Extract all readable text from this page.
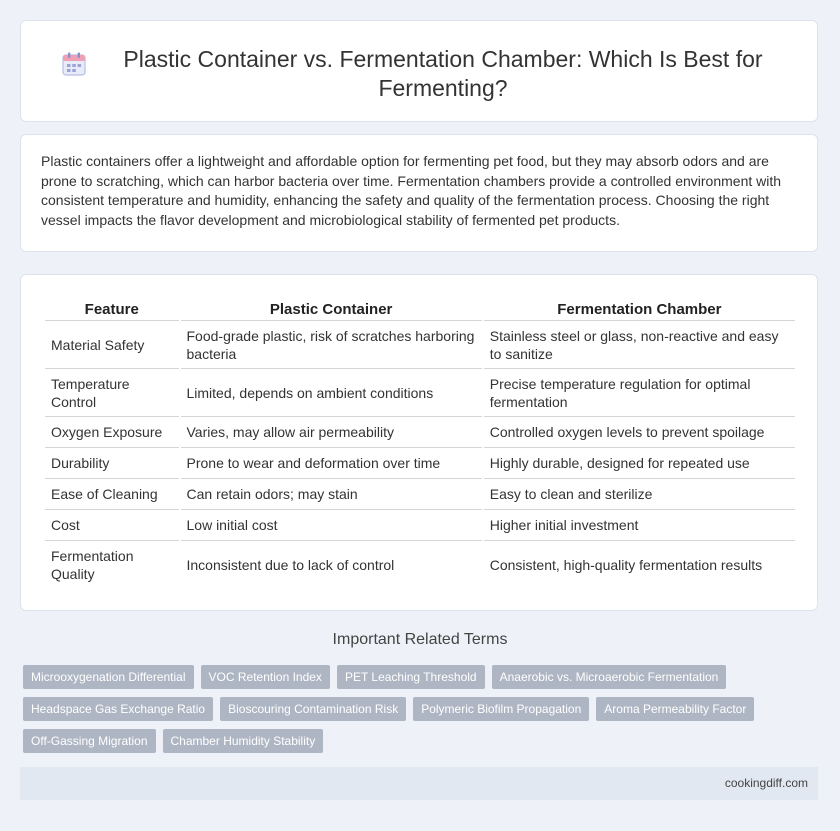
Plastic Container vs. Fermentation Chamber: Which Is Best for Fermenting?

Plastic containers offer a lightweight and affordable option for fermenting pet food, but they may absorb odors and are prone to scratching, which can harbor bacteria over time. Fermentation chambers provide a controlled environment with consistent temperature and humidity, enhancing the safety and quality of the fermentation process. Choosing the right vessel impacts the flavor development and microbiological stability of fermented pet products.

Feature	Plastic Container	Fermentation Chamber
Material Safety	Food-grade plastic, risk of scratches harboring bacteria	Stainless steel or glass, non-reactive and easy to sanitize
Temperature Control	Limited, depends on ambient conditions	Precise temperature regulation for optimal fermentation
Oxygen Exposure	Varies, may allow air permeability	Controlled oxygen levels to prevent spoilage
Durability	Prone to wear and deformation over time	Highly durable, designed for repeated use
Ease of Cleaning	Can retain odors; may stain	Easy to clean and sterilize
Cost	Low initial cost	Higher initial investment
Fermentation Quality	Inconsistent due to lack of control	Consistent, high-quality fermentation results
Important Related Terms
Microoxygenation Differential	VOC Retention Index	PET Leaching Threshold	Anaerobic vs. Microaerobic Fermentation
Headspace Gas Exchange Ratio	Bioscouring Contamination Risk	Polymeric Biofilm Propagation	Aroma Permeability Factor
Off-Gassing Migration	Chamber Humidity Stability
cookingdiff.com
